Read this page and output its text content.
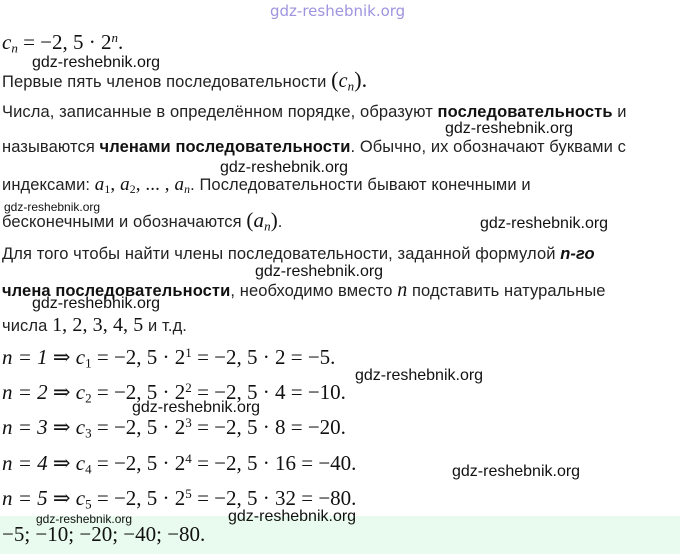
gdz-reshebnik.org
$c_n = -2$, $5 \cdot 2^n$.
gdz-reshebnik.org
Первые пять членов последовательности $(c_n)$.
Числа, записанные в определённом порядке, образуют последовательность и
gdz-reshebnik.org
называются членами последовательности. Обычно, их обозначают буквами с
gdz-reshebnik.org
индексами: $a_1$, $a_2$, ... , $a_n$. Последовательности бывают конечными и
gdz-reshebnik.org
бесконечными и обозначаются $(a_n)$.	gdz-reshebnik.org
Для того чтобы найти члены последовательности, заданной формулой n-го
gdz-reshebnik.org
члена последовательности, необходимо вместо n подставить натуральные
gdz-reshebnik.org
числа 1, 2, 3, 4, 5 и т.д.
n = 1 ⇒ $c_1 = -2$, $5 \cdot 2^1 = -2$, 5 · 2 = −5.
gdz-reshebnik.org
n = 2 ⇒ $c_2 = -2$, $5 \cdot 2^2 = -2$, 5 · 4 = −10.
gdz-reshebnik.org
n = 3 ⇒ $c_3 = -2$, $5 \cdot 2^3 = -2$, 5 · 8 = −20.
n = 4 ⇒ $c_4 = -2$, $5 \cdot 2^4 = -2$, 5 · 16 = −40.	gdz-reshebnik.org
n = 5 ⇒ $c_5 = -2$, $5 \cdot 2^5 = -2$, 5 · 32 = −80.
gdz-reshebnik.org	gdz-reshebnik.org
−5; −10; −20; −40; −80.
